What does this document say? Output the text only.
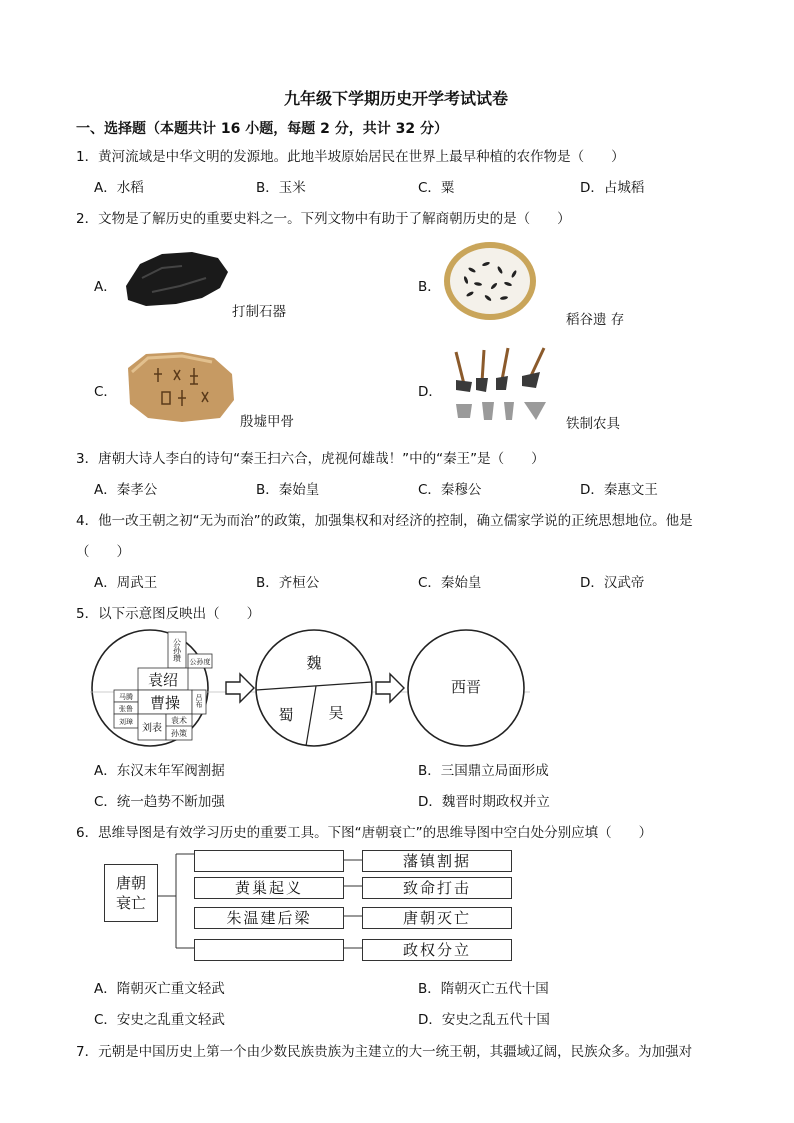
九年级下学期历史开学考试试卷
一、选择题（本题共计 16 小题，每题 2 分，共计 32 分）
1．黄河流域是中华文明的发源地。此地半坡原始居民在世界上最早种植的农作物是（　　）
A．水稻	B．玉米	C．粟	D．占城稻
2．文物是了解历史的重要史料之一。下列文物中有助于了解商朝历史的是（　　）
A．
打制石器
B．
稻谷遗 存
C．
殷墟甲骨
D．
铁制农具
3．唐朝大诗人李白的诗句“秦王扫六合，虎视何雄哉！”中的“秦王”是（　　）
A．秦孝公	B．秦始皇	C．秦穆公	D．秦惠文王
4．他一改王朝之初“无为而治”的政策，加强集权和对经济的控制，确立儒家学说的正统思想地位。他是
（　　）
A．周武王	B．齐桓公	C．秦始皇	D．汉武帝
5．以下示意图反映出（　　）
公孙瓒 公孙度
袁绍
曹操 吕布
马腾
张鲁
刘璋
刘表
袁术
孙策
魏
蜀 吴
西晋
A．东汉末年军阀割据	B．三国鼎立局面形成
C．统一趋势不断加强	D．魏晋时期政权并立
6．思维导图是有效学习历史的重要工具。下图“唐朝衰亡”的思维导图中空白处分别应填（　　）
唐朝
衰亡
黄巢起义
朱温建后梁
藩镇割据
致命打击
唐朝灭亡
政权分立
A．隋朝灭亡重文轻武	B．隋朝灭亡五代十国
C．安史之乱重文轻武	D．安史之乱五代十国
7．元朝是中国历史上第一个由少数民族贵族为主建立的大一统王朝，其疆域辽阔，民族众多。为加强对
